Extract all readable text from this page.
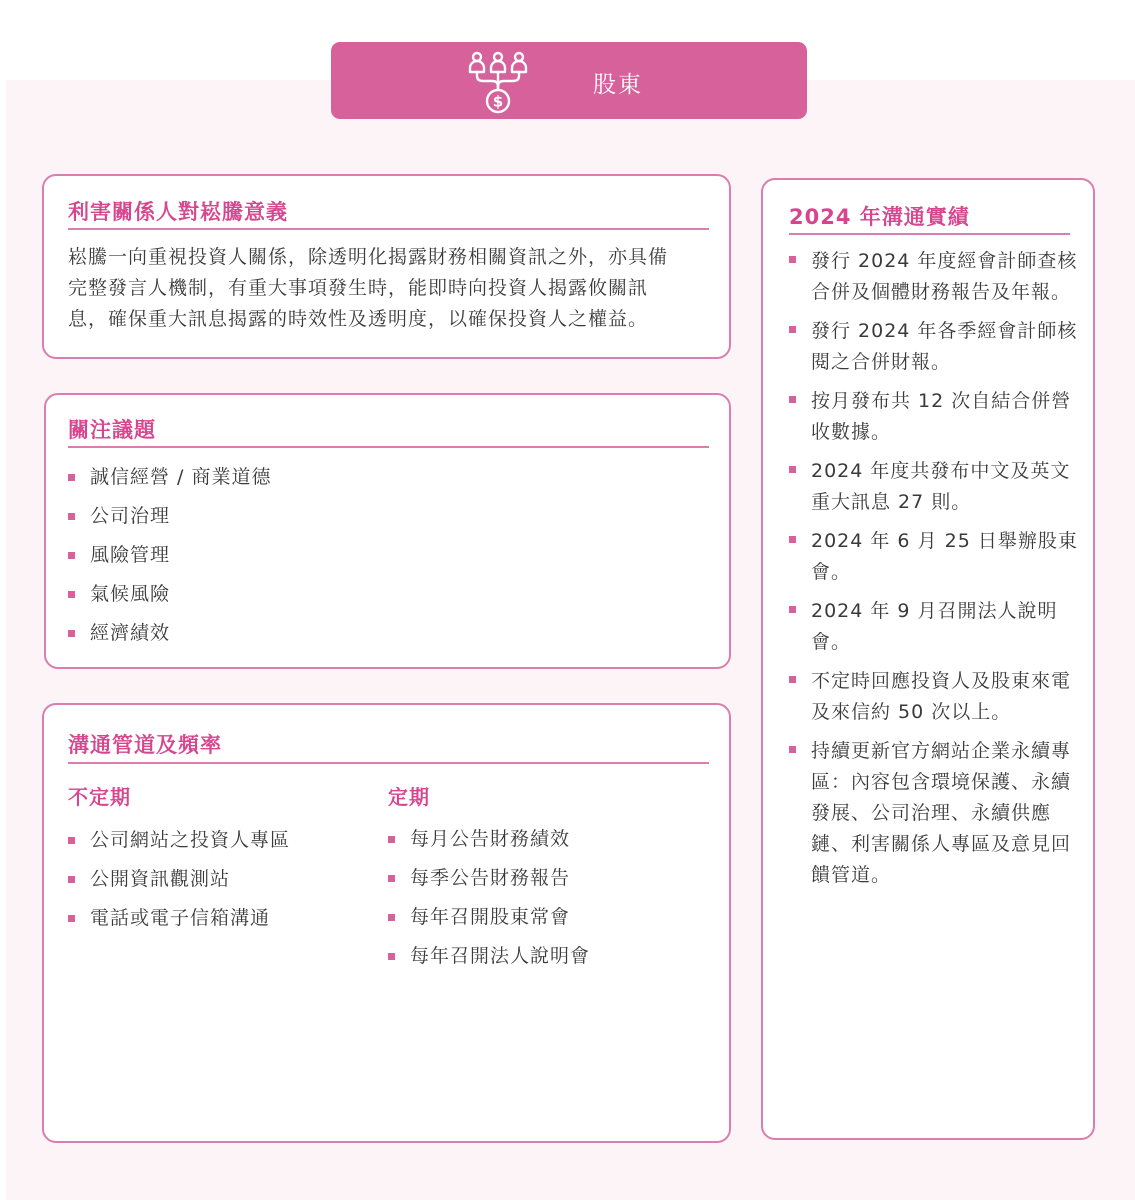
$
股東
利害關係人對崧騰意義
崧騰一向重視投資人關係，除透明化揭露財務相關資訊之外，亦具備
完整發言人機制，有重大事項發生時，能即時向投資人揭露攸關訊
息，確保重大訊息揭露的時效性及透明度，以確保投資人之權益。
關注議題
誠信經營 / 商業道德
公司治理
風險管理
氣候風險
經濟績效
溝通管道及頻率
不定期
公司網站之投資人專區
公開資訊觀測站
電話或電子信箱溝通
定期
每月公告財務績效
每季公告財務報告
每年召開股東常會
每年召開法人說明會
2024 年溝通實績
發行 2024 年度經會計師查核
合併及個體財務報告及年報。
發行 2024 年各季經會計師核
閱之合併財報。
按月發布共 12 次自結合併營
收數據。
2024 年度共發布中文及英文
重大訊息 27 則。
2024 年 6 月 25 日舉辦股東
會。
2024 年 9 月召開法人說明
會。
不定時回應投資人及股東來電
及來信約 50 次以上。
持續更新官方網站企業永續專
區：內容包含環境保護、永續
發展、公司治理、永續供應
鏈、利害關係人專區及意見回
饋管道。
